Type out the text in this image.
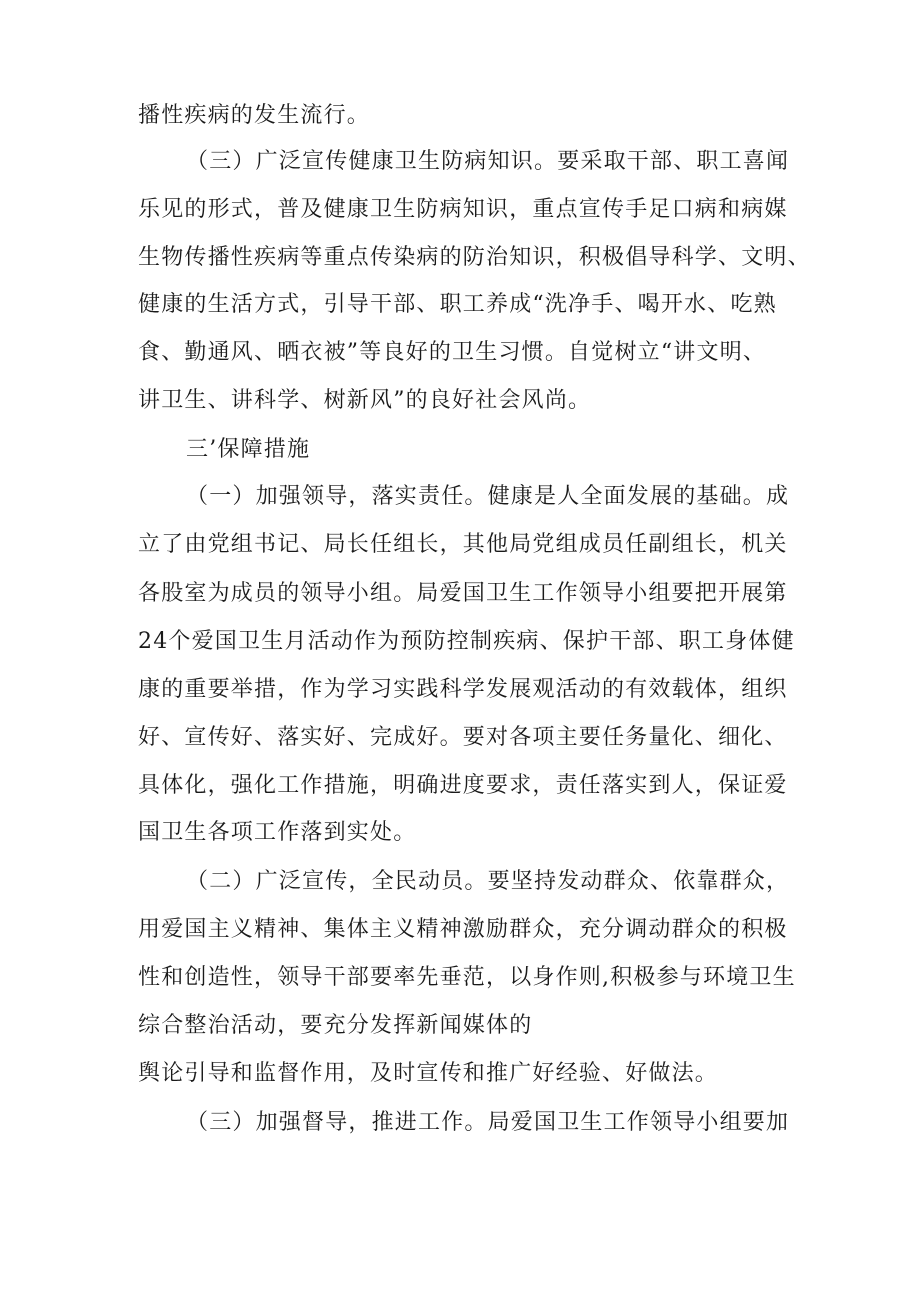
播性疾病的发生流行。
（三）广泛宣传健康卫生防病知识。要采取干部、职工喜闻
乐见的形式，普及健康卫生防病知识，重点宣传手足口病和病媒
生物传播性疾病等重点传染病的防治知识，积极倡导科学、文明、
健康的生活方式，引导干部、职工养成“洗净手、喝开水、吃熟
食、勤通风、晒衣被”等良好的卫生习惯。自觉树立“讲文明、
讲卫生、讲科学、树新风”的良好社会风尚。
三’保障措施
（一）加强领导，落实责任。健康是人全面发展的基础。成
立了由党组书记、局长任组长，其他局党组成员任副组长，机关
各股室为成员的领导小组。局爱国卫生工作领导小组要把开展第
24个爱国卫生月活动作为预防控制疾病、保护干部、职工身体健
康的重要举措，作为学习实践科学发展观活动的有效载体，组织
好、宣传好、落实好、完成好。要对各项主要任务量化、细化、
具体化，强化工作措施，明确进度要求，责任落实到人，保证爱
国卫生各项工作落到实处。
（二）广泛宣传，全民动员。要坚持发动群众、依靠群众，
用爱国主义精神、集体主义精神激励群众，充分调动群众的积极
性和创造性，领导干部要率先垂范，以身作则,积极参与环境卫生
综合整治活动，要充分发挥新闻媒体的
舆论引导和监督作用，及时宣传和推广好经验、好做法。
（三）加强督导，推进工作。局爱国卫生工作领导小组要加
